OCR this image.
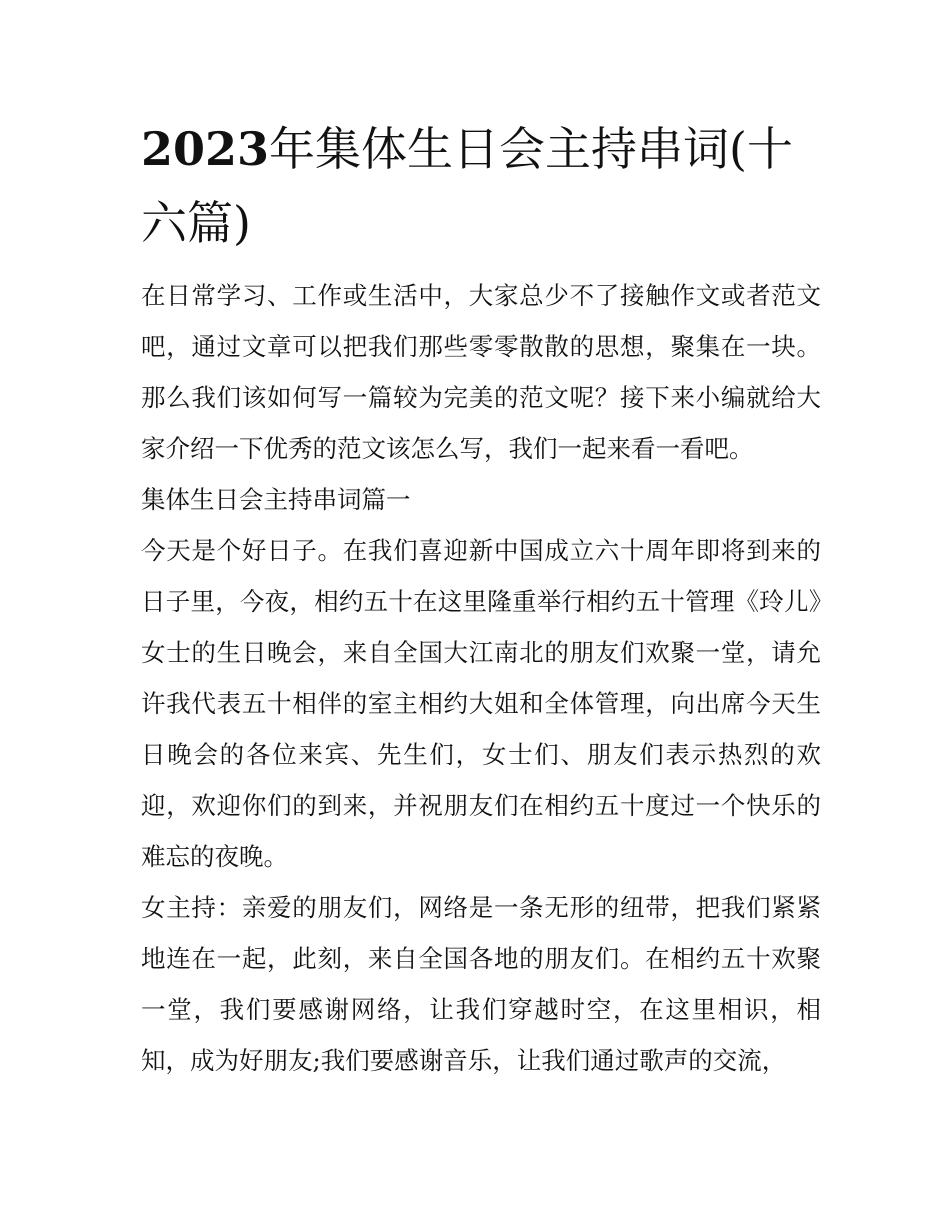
2023年集体生日会主持串词(十六篇)

在日常学习、工作或生活中，大家总少不了接触作文或者范文吧，通过文章可以把我们那些零零散散的思想，聚集在一块。那么我们该如何写一篇较为完美的范文呢？接下来小编就给大家介绍一下优秀的范文该怎么写，我们一起来看一看吧。

集体生日会主持串词篇一

今天是个好日子。在我们喜迎新中国成立六十周年即将到来的日子里，今夜，相约五十在这里隆重举行相约五十管理《玲儿》女士的生日晚会，来自全国大江南北的朋友们欢聚一堂，请允许我代表五十相伴的室主相约大姐和全体管理，向出席今天生日晚会的各位来宾、先生们，女士们、朋友们表示热烈的欢迎，欢迎你们的到来，并祝朋友们在相约五十度过一个快乐的难忘的夜晚。

女主持：亲爱的朋友们，网络是一条无形的纽带，把我们紧紧地连在一起，此刻，来自全国各地的朋友们。在相约五十欢聚一堂，我们要感谢网络，让我们穿越时空，在这里相识，相知，成为好朋友;我们要感谢音乐，让我们通过歌声的交流，
